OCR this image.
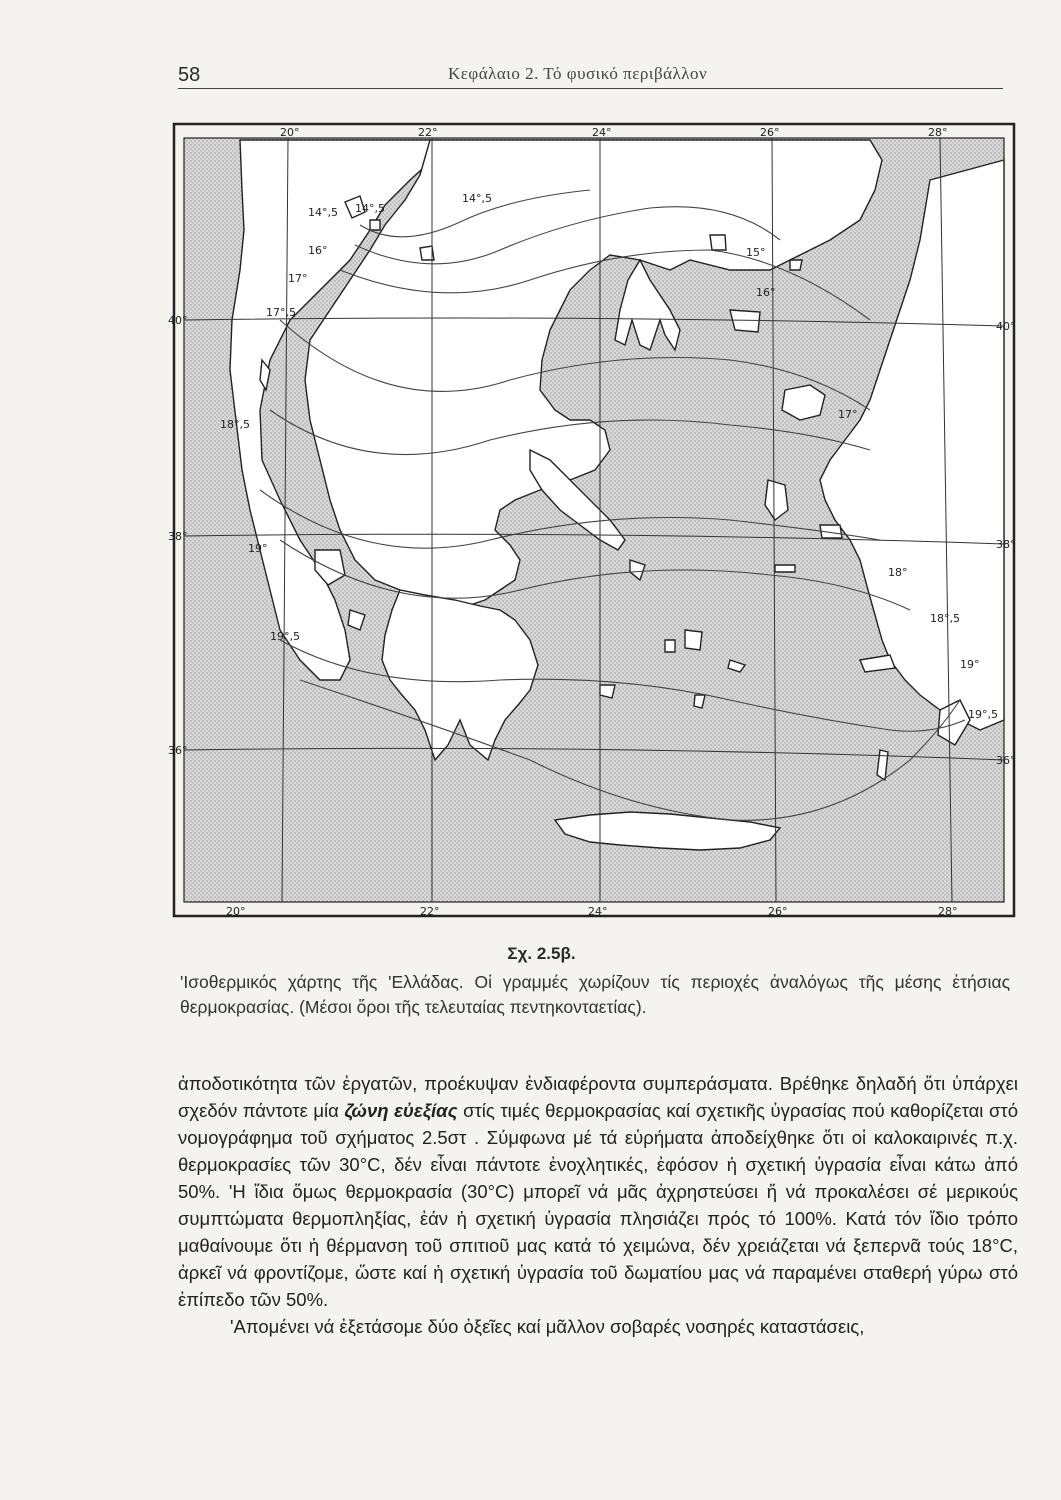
58	Κεφάλαιο 2. Τό φυσικό περιβάλλον
20°	22°	24°	26°	28°
20°	22°	24°	26°	28°
40°
38°
36°
40°
38°
36°
14°,5 14°,5
14°,5
16°
17°
17°,5
15°
16°
18°,5
17°
19°
18°
18°,5
19°,5
19°
19°,5
Σχ. 2.5β.
'Ισοθερμικός χάρτης τῆς 'Ελλάδας. Οἱ γραμμές χωρίζουν τίς περιοχές ἀναλόγως τῆς μέσης ἐτήσιας θερμοκρασίας. (Μέσοι ὅροι τῆς τελευταίας πεντηκονταετίας).

ἀποδοτικότητα τῶν ἐργατῶν, προέκυψαν ἐνδιαφέροντα συμπεράσματα. Βρέθηκε δηλαδή ὅτι ὑπάρχει σχεδόν πάντοτε μία ζώνη εὐεξίας στίς τιμές θερμοκρασίας καί σχετικῆς ὑγρασίας πού καθορίζεται στό νομογράφημα τοῦ σχήματος 2.5στ . Σύμφωνα μέ τά εὑρήματα ἀποδείχθηκε ὅτι οἱ καλοκαιρινές π.χ. θερμοκρασίες τῶν 30°C, δέν εἶναι πάντοτε ἐνοχλητικές, ἐφόσον ἡ σχετική ὑγρασία εἶναι κάτω ἀπό 50%. 'Η ἴδια ὅμως θερμοκρασία (30°C) μπορεῖ νά μᾶς ἀχρηστεύσει ἤ νά προκαλέσει σέ μερικούς συμπτώματα θερμοπληξίας, ἐάν ἡ σχετική ὑγρασία πλησιάζει πρός τό 100%. Κατά τόν ἴδιο τρόπο μαθαίνουμε ὅτι ἡ θέρμανση τοῦ σπιτιοῦ μας κατά τό χειμώνα, δέν χρειάζεται νά ξεπερνᾶ τούς 18°C, ἀρκεῖ νά φροντίζομε, ὥστε καί ἡ σχετική ὑγρασία τοῦ δωματίου μας νά παραμένει σταθερή γύρω στό ἐπίπεδο τῶν 50%.

'Απομένει νά ἐξετάσομε δύο ὀξεῖες καί μᾶλλον σοβαρές νοσηρές καταστάσεις,
